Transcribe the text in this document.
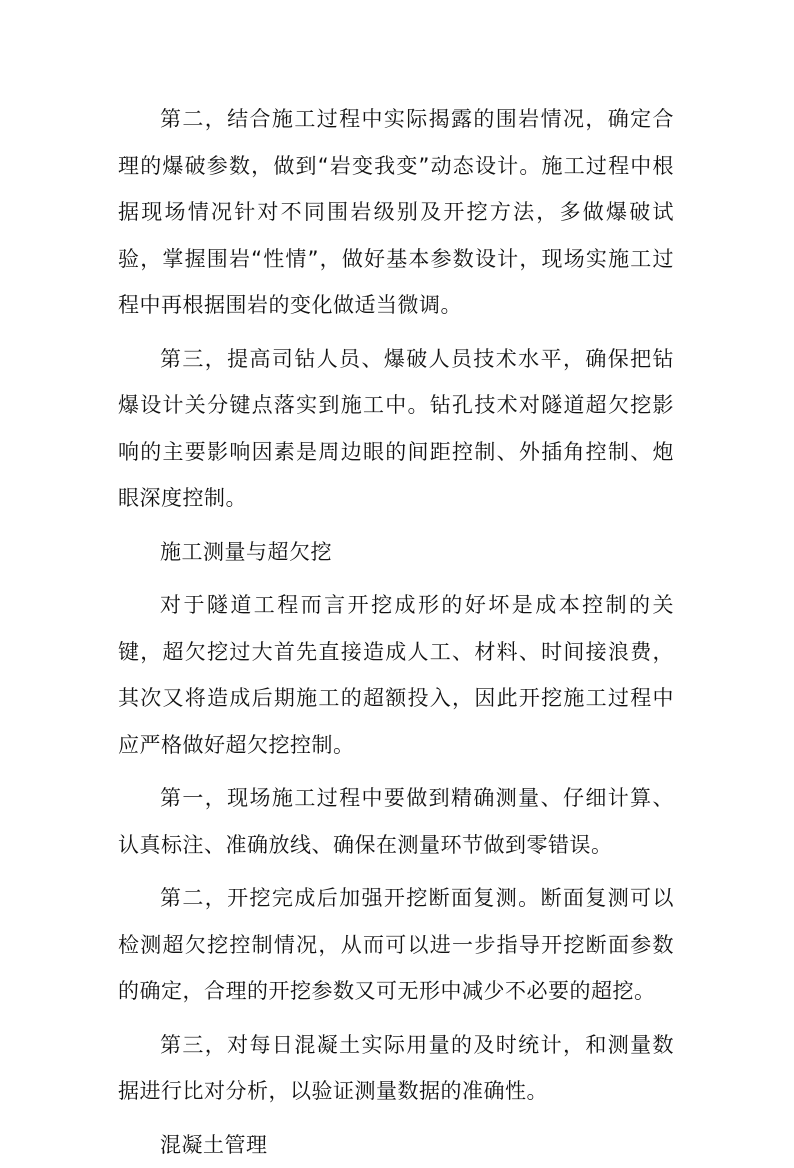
第二，结合施工过程中实际揭露的围岩情况，确定合理的爆破参数，做到“岩变我变”动态设计。施工过程中根据现场情况针对不同围岩级别及开挖方法，多做爆破试验，掌握围岩“性情”，做好基本参数设计，现场实施工过程中再根据围岩的变化做适当微调。

第三，提高司钻人员、爆破人员技术水平，确保把钻爆设计关分键点落实到施工中。钻孔技术对隧道超欠挖影响的主要影响因素是周边眼的间距控制、外插角控制、炮眼深度控制。

施工测量与超欠挖

对于隧道工程而言开挖成形的好坏是成本控制的关键，超欠挖过大首先直接造成人工、材料、时间接浪费，其次又将造成后期施工的超额投入，因此开挖施工过程中应严格做好超欠挖控制。

第一，现场施工过程中要做到精确测量、仔细计算、认真标注、准确放线、确保在测量环节做到零错误。

第二，开挖完成后加强开挖断面复测。断面复测可以检测超欠挖控制情况，从而可以进一步指导开挖断面参数的确定，合理的开挖参数又可无形中减少不必要的超挖。

第三，对每日混凝土实际用量的及时统计，和测量数据进行比对分析，以验证测量数据的准确性。

混凝土管理
